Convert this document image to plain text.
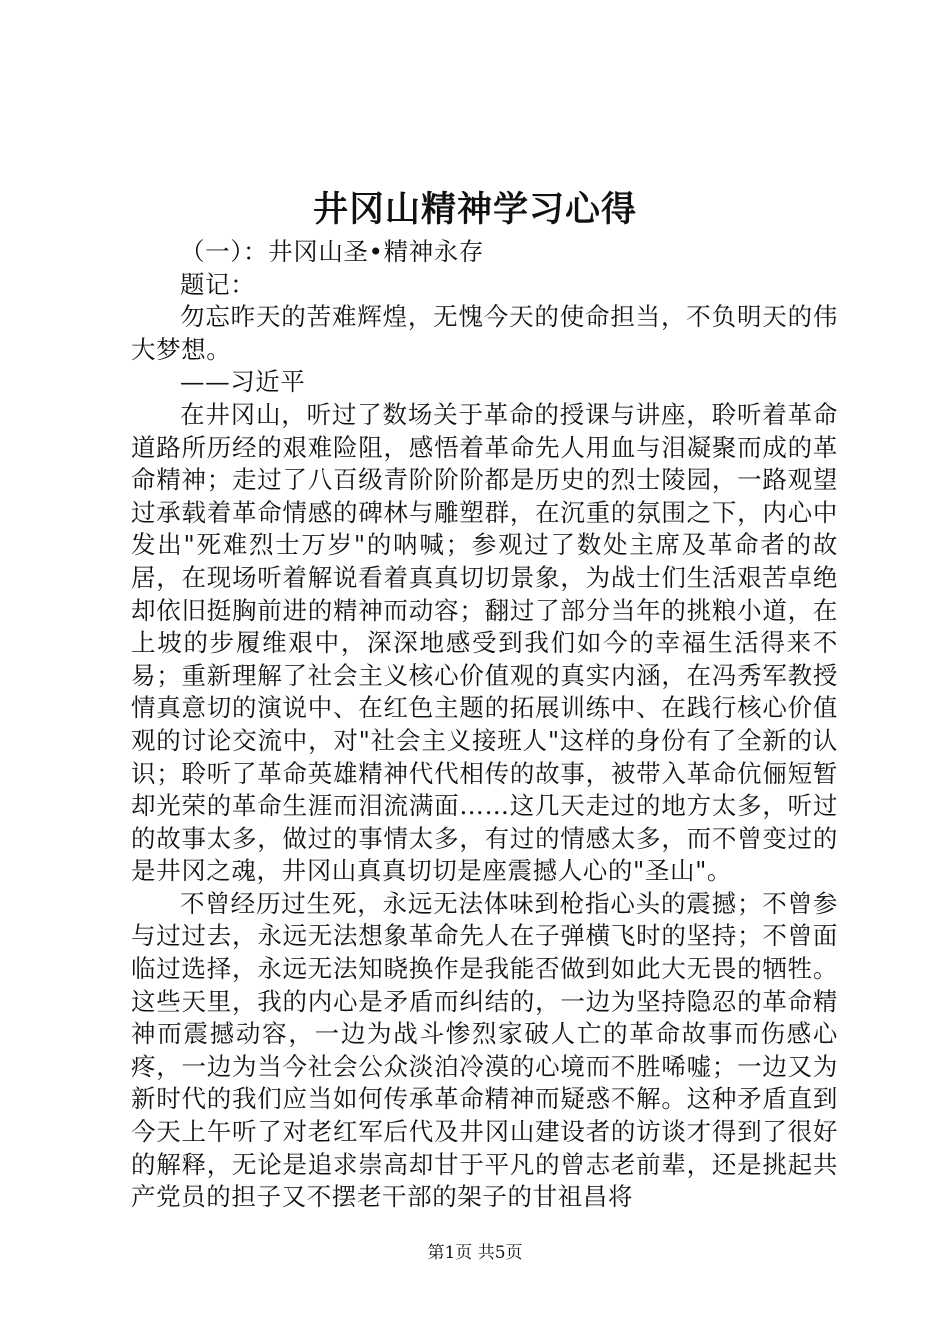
井冈山精神学习心得

（一）：井冈山圣•精神永存

题记：

勿忘昨天的苦难辉煌，无愧今天的使命担当，不负明天的伟大梦想。

——习近平

在井冈山，听过了数场关于革命的授课与讲座，聆听着革命道路所历经的艰难险阻，感悟着革命先人用血与泪凝聚而成的革命精神；走过了八百级青阶阶阶都是历史的烈士陵园，一路观望过承载着革命情感的碑林与雕塑群，在沉重的氛围之下，内心中发出"死难烈士万岁"的呐喊；参观过了数处主席及革命者的故居，在现场听着解说看着真真切切景象，为战士们生活艰苦卓绝却依旧挺胸前进的精神而动容；翻过了部分当年的挑粮小道，在上坡的步履维艰中，深深地感受到我们如今的幸福生活得来不易；重新理解了社会主义核心价值观的真实内涵，在冯秀军教授情真意切的演说中、在红色主题的拓展训练中、在践行核心价值观的讨论交流中，对"社会主义接班人"这样的身份有了全新的认识；聆听了革命英雄精神代代相传的故事，被带入革命伉俪短暂却光荣的革命生涯而泪流满面……这几天走过的地方太多，听过的故事太多，做过的事情太多，有过的情感太多，而不曾变过的是井冈之魂，井冈山真真切切是座震撼人心的"圣山"。

不曾经历过生死，永远无法体味到枪指心头的震撼；不曾参与过过去，永远无法想象革命先人在子弹横飞时的坚持；不曾面临过选择，永远无法知晓换作是我能否做到如此大无畏的牺牲。这些天里，我的内心是矛盾而纠结的，一边为坚持隐忍的革命精神而震撼动容，一边为战斗惨烈家破人亡的革命故事而伤感心疼，一边为当今社会公众淡泊冷漠的心境而不胜唏嘘；一边又为新时代的我们应当如何传承革命精神而疑惑不解。这种矛盾直到今天上午听了对老红军后代及井冈山建设者的访谈才得到了很好的解释，无论是追求崇高却甘于平凡的曾志老前辈，还是挑起共产党员的担子又不摆老干部的架子的甘祖昌将

第1页 共5页
